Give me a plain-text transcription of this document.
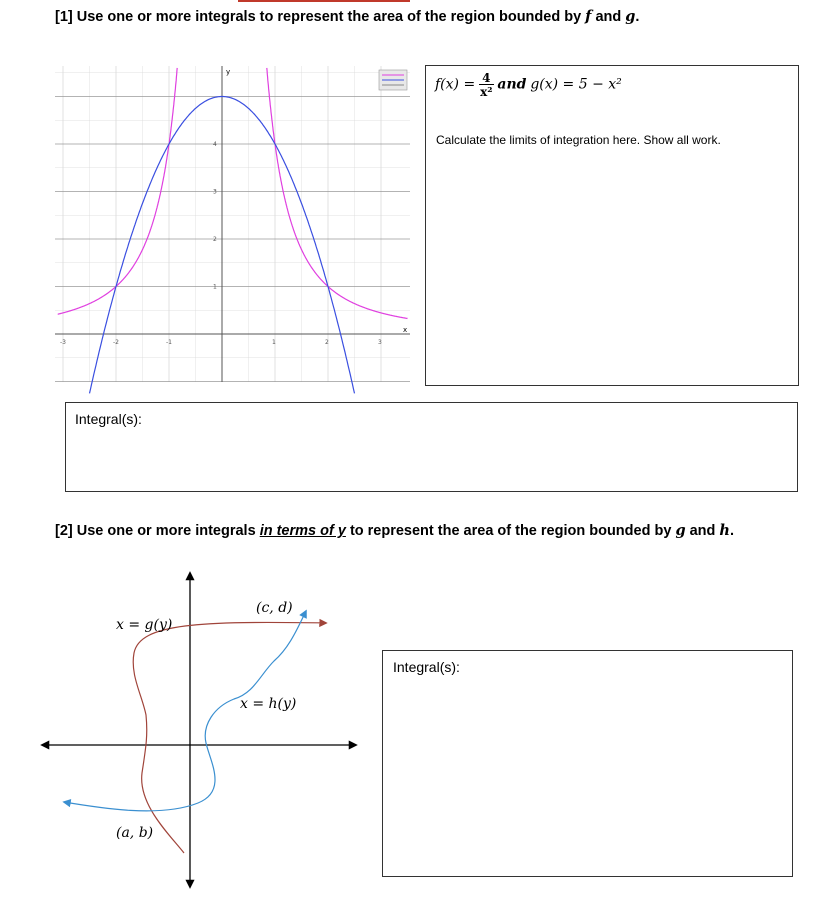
[1] Use one or more integrals to represent the area of the region bounded by f and g.
-3	-2	-1	1	2	3
1
2
3
4
y
x
$f(x) = \frac{4}{\text{x²}}$ and g(x) = 5 − x²
Calculate the limits of integration here. Show all work.
Integral(s):
[2] Use one or more integrals in terms of y to represent the area of the region bounded by g and h.
x = g(y)
x = h(y)
(c, d)
(a, b)
Integral(s):
